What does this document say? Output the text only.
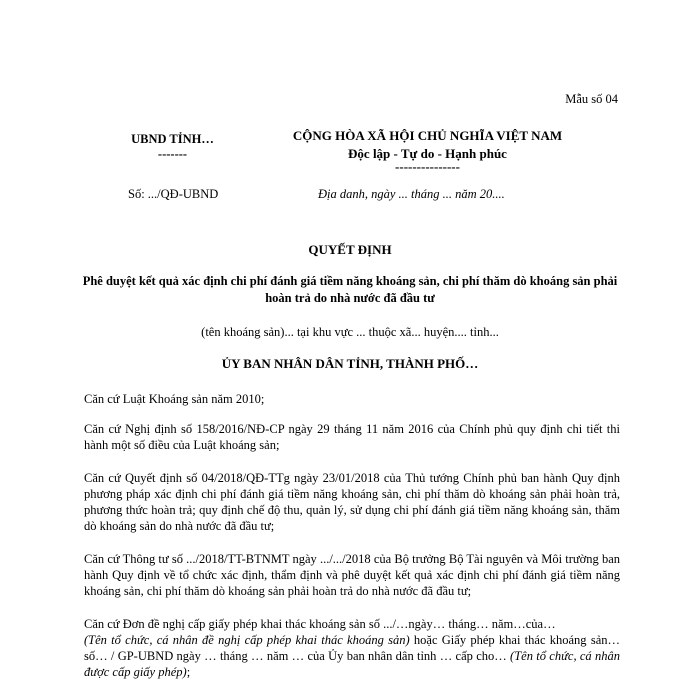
Mẫu số 04
UBND TỈNH…
-------
CỘNG HÒA XÃ HỘI CHỦ NGHĨA VIỆT NAM
Độc lập - Tự do - Hạnh phúc
---------------
Số: .../QĐ-UBND	Địa danh, ngày ... tháng ... năm 20....
QUYẾT ĐỊNH
Phê duyệt kết quả xác định chi phí đánh giá tiềm năng khoáng sản, chi phí thăm dò khoáng sản phải hoàn trả do nhà nước đã đầu tư
(tên khoáng sản)... tại khu vực ... thuộc xã... huyện.... tỉnh...
ỦY BAN NHÂN DÂN TỈNH, THÀNH PHỐ…

Căn cứ Luật Khoáng sản năm 2010;

Căn cứ Nghị định số 158/2016/NĐ-CP ngày 29 tháng 11 năm 2016 của Chính phủ quy định chi tiết thi hành một số điều của Luật khoáng sản;

Căn cứ Quyết định số 04/2018/QĐ-TTg ngày 23/01/2018 của Thủ tướng Chính phủ ban hành Quy định phương pháp xác định chi phí đánh giá tiềm năng khoáng sản, chi phí thăm dò khoáng sản phải hoàn trả, phương thức hoàn trả; quy định chế độ thu, quản lý, sử dụng chi phí đánh giá tiềm năng khoáng sản, thăm dò khoáng sản do nhà nước đã đầu tư;

Căn cứ Thông tư số .../2018/TT-BTNMT ngày .../.../2018 của Bộ trưởng Bộ Tài nguyên và Môi trường ban hành Quy định về tổ chức xác định, thẩm định và phê duyệt kết quả xác định chi phí đánh giá tiềm năng khoáng sản, chi phí thăm dò khoáng sản phải hoàn trả do nhà nước đã đầu tư;

Căn cứ Đơn đề nghị cấp giấy phép khai thác khoáng sản số .../…ngày… tháng… năm…của…
(Tên tổ chức, cá nhân đề nghị cấp phép khai thác khoáng sản) hoặc Giấy phép khai thác khoáng sản… số… / GP-UBND ngày … tháng … năm … của Ủy ban nhân dân tỉnh … cấp cho… (Tên tổ chức, cá nhân được cấp giấy phép);
